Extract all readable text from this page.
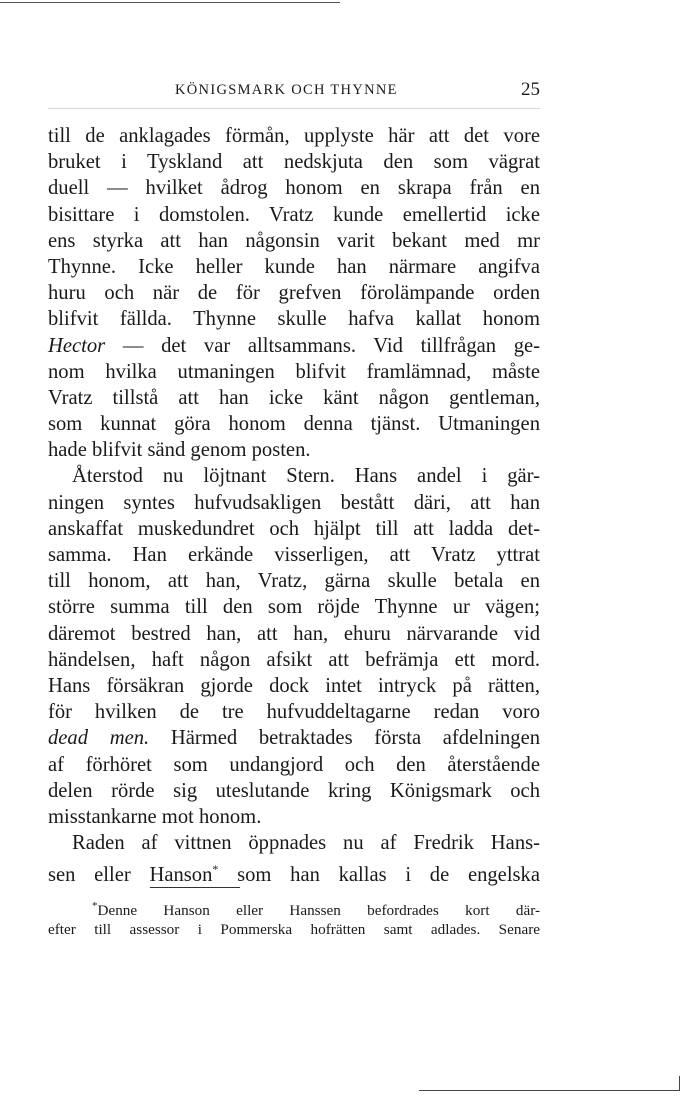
KÖNIGSMARK OCH THYNNE	25
till de anklagades förmån, upplyste här att det vore
bruket i Tyskland att nedskjuta den som vägrat
duell — hvilket ådrog honom en skrapa från en
bisittare i domstolen. Vratz kunde emellertid icke
ens styrka att han någonsin varit bekant med mr
Thynne. Icke heller kunde han närmare angifva
huru och när de för grefven förolämpande orden
blifvit fällda. Thynne skulle hafva kallat honom
Hector — det var alltsammans. Vid tillfrågan ge-
nom hvilka utmaningen blifvit framlämnad, måste
Vratz tillstå att han icke känt någon gentleman,
som kunnat göra honom denna tjänst. Utmaningen
hade blifvit sänd genom posten.
Återstod nu löjtnant Stern. Hans andel i gär-
ningen syntes hufvudsakligen bestått däri, att han
anskaffat muskedundret och hjälpt till att ladda det-
samma. Han erkände visserligen, att Vratz yttrat
till honom, att han, Vratz, gärna skulle betala en
större summa till den som röjde Thynne ur vägen;
däremot bestred han, att han, ehuru närvarande vid
händelsen, haft någon afsikt att befrämja ett mord.
Hans försäkran gjorde dock intet intryck på rätten,
för hvilken de tre hufvuddeltagarne redan voro
dead men. Härmed betraktades första afdelningen
af förhöret som undangjord och den återstående
delen rörde sig uteslutande kring Königsmark och
misstankarne mot honom.
Raden af vittnen öppnades nu af Fredrik Hans-
sen eller Hanson* som han kallas i de engelska
*Denne Hanson eller Hanssen befordrades kort där-
efter till assessor i Pommerska hofrätten samt adlades. Senare
